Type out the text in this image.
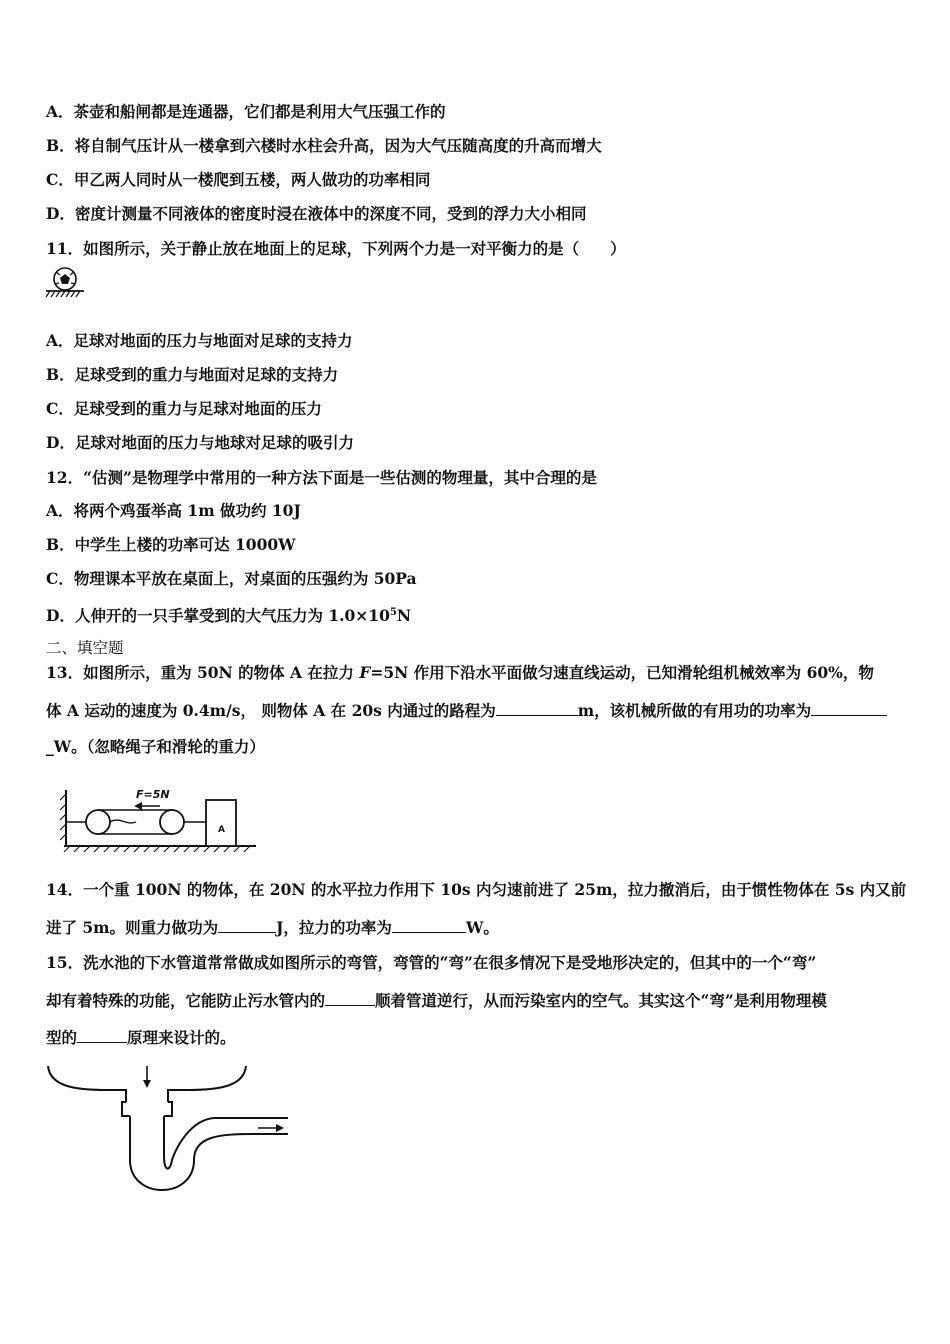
A．茶壶和船闸都是连通器，它们都是利用大气压强工作的
B．将自制气压计从一楼拿到六楼时水柱会升高，因为大气压随高度的升高而增大
C．甲乙两人同时从一楼爬到五楼，两人做功的功率相同
D．密度计测量不同液体的密度时浸在液体中的深度不同，受到的浮力大小相同
11．如图所示，关于静止放在地面上的足球，下列两个力是一对平衡力的是（　　）
A．足球对地面的压力与地面对足球的支持力
B．足球受到的重力与地面对足球的支持力
C．足球受到的重力与足球对地面的压力
D．足球对地面的压力与地球对足球的吸引力
12．“估测”是物理学中常用的一种方法下面是一些估测的物理量，其中合理的是
A．将两个鸡蛋举高 1m 做功约 10J
B．中学生上楼的功率可达 1000W
C．物理课本平放在桌面上，对桌面的压强约为 50Pa
D．人伸开的一只手掌受到的大气压力为 $1.0\times 10^5N$
二、填空题
13．如图所示，重为 50N 的物体 A 在拉力 F=5N 作用下沿水平面做匀速直线运动，已知滑轮组机械效率为 60%，物
体 A 运动的速度为 0.4m/s， 则物体 A 在 20s 内通过的路程为	m，该机械所做的有用功的功率为
_W。（忽略绳子和滑轮的重力）
F=5N
A
14．一个重 100N 的物体，在 20N 的水平拉力作用下 10s 内匀速前进了 25m，拉力撤消后，由于惯性物体在 5s 内又前
进了 5m。则重力做功为	J，拉力的功率为	W。
15．洗水池的下水管道常常做成如图所示的弯管，弯管的“弯”在很多情况下是受地形决定的，但其中的一个“弯”
却有着特殊的功能，它能防止污水管内的	顺着管道逆行，从而污染室内的空气。其实这个“弯”是利用物理模
型的	原理来设计的。
